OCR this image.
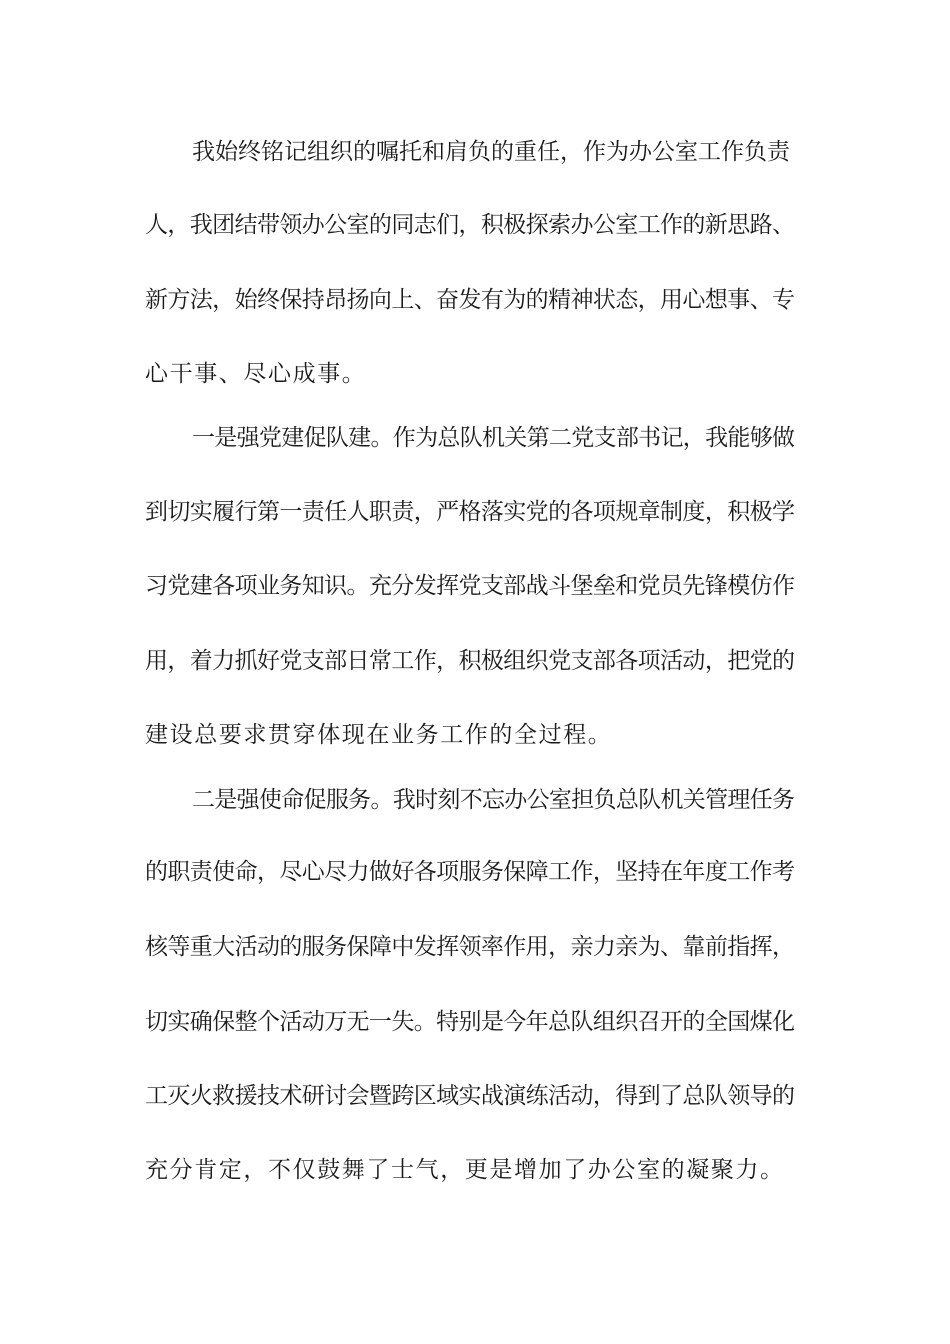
我始终铭记组织的嘱托和肩负的重任，作为办公室工作负责
人，我团结带领办公室的同志们，积极探索办公室工作的新思路、
新方法，始终保持昂扬向上、奋发有为的精神状态，用心想事、专
心干事、尽心成事。
一是强党建促队建。作为总队机关第二党支部书记，我能够做
到切实履行第一责任人职责，严格落实党的各项规章制度，积极学
习党建各项业务知识。充分发挥党支部战斗堡垒和党员先锋模仿作
用，着力抓好党支部日常工作，积极组织党支部各项活动，把党的
建设总要求贯穿体现在业务工作的全过程。
二是强使命促服务。我时刻不忘办公室担负总队机关管理任务
的职责使命，尽心尽力做好各项服务保障工作，坚持在年度工作考
核等重大活动的服务保障中发挥领率作用，亲力亲为、靠前指挥，
切实确保整个活动万无一失。特别是今年总队组织召开的全国煤化
工灭火救援技术研讨会暨跨区域实战演练活动，得到了总队领导的
充分肯定，不仅鼓舞了士气，更是增加了办公室的凝聚力。
